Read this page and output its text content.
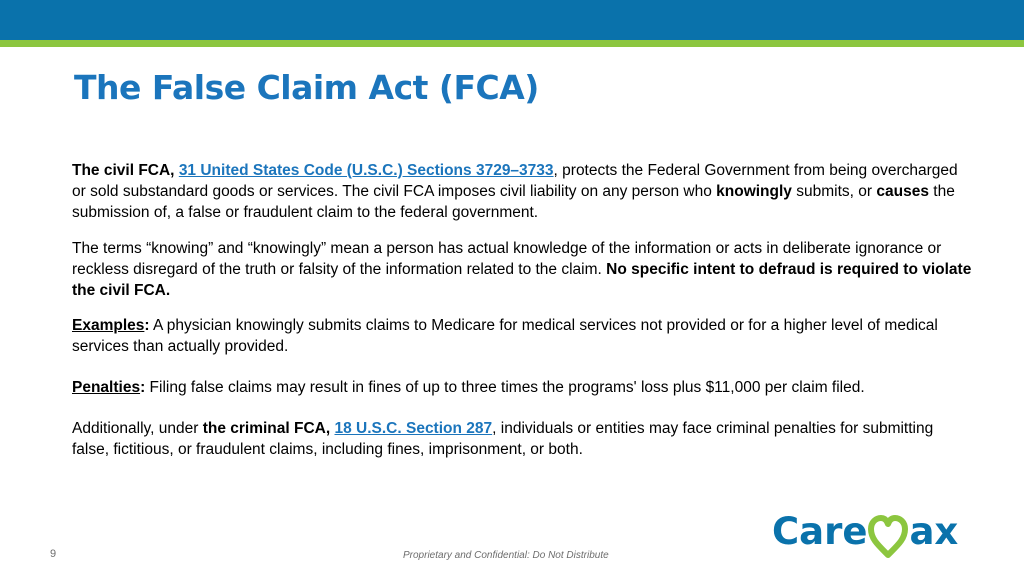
The False Claim Act (FCA)

The civil FCA, 31 United States Code (U.S.C.) Sections 3729–3733, protects the Federal Government from being overcharged or sold substandard goods or services. The civil FCA imposes civil liability on any person who knowingly submits, or causes the submission of, a false or fraudulent claim to the federal government.

The terms “knowing” and “knowingly” mean a person has actual knowledge of the information or acts in deliberate ignorance or reckless disregard of the truth or falsity of the information related to the claim. No specific intent to defraud is required to violate the civil FCA.

Examples: A physician knowingly submits claims to Medicare for medical services not provided or for a higher level of medical services than actually provided.

Penalties: Filing false claims may result in fines of up to three times the programs' loss plus $11,000 per claim filed.

Additionally, under the criminal FCA, 18 U.S.C. Section 287, individuals or entities may face criminal penalties for submitting false, fictitious, or fraudulent claims, including fines, imprisonment, or both.

9	Proprietary and Confidential: Do Not Distribute
Care ax
